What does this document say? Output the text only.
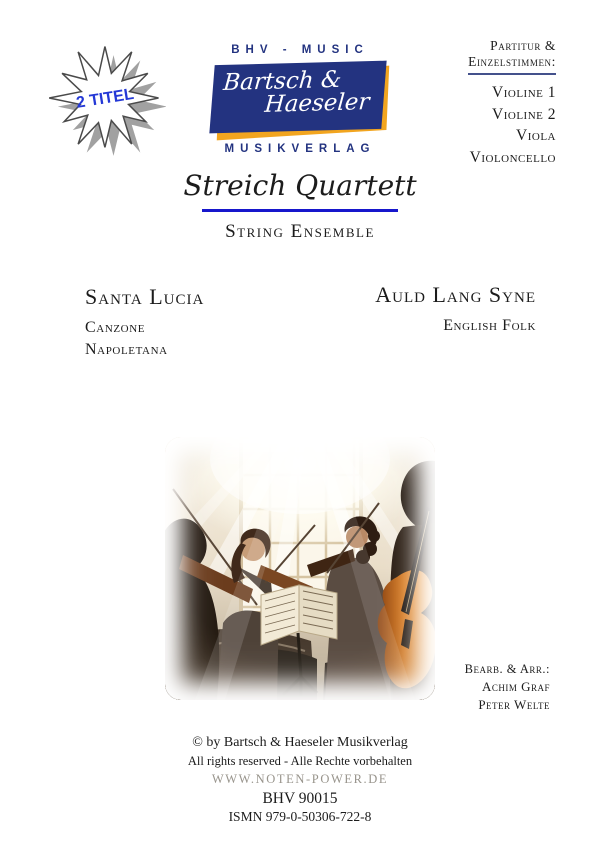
2 TITEL
BHV - MUSIC
Bartsch &
Haeseler
MUSIKVERLAG
Partitur &
Einzelstimmen:
Violine 1
Violine 2
Viola
Violoncello
Streich Quartett
String Ensemble
Santa Lucia
Canzone
Napoletana
Auld Lang Syne
English Folk
Bearb. & Arr.:
Achim Graf
Peter Welte
© by Bartsch & Haeseler Musikverlag
All rights reserved - Alle Rechte vorbehalten
WWW.NOTEN-POWER.DE
BHV 90015
ISMN 979-0-50306-722-8
